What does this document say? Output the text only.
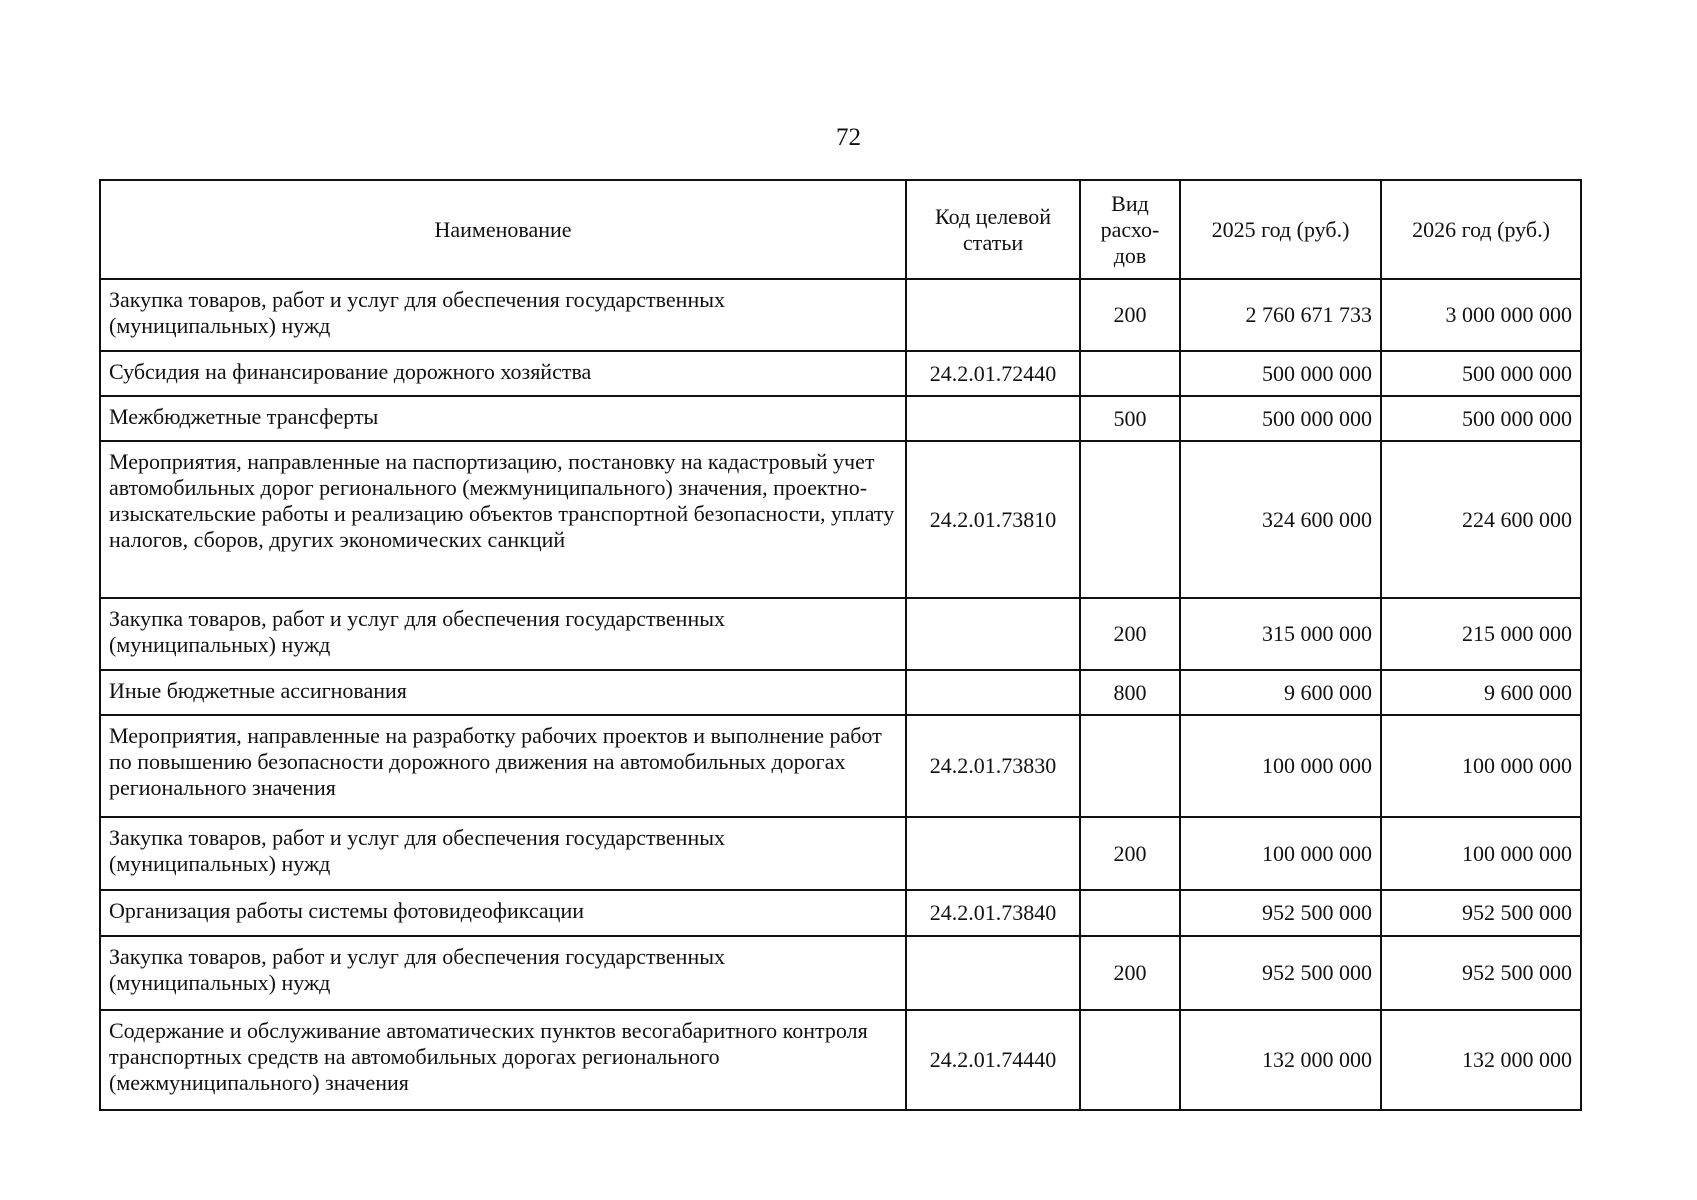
72
Наименование	Код целевой статьи	Вид расхо-дов	2025 год (руб.)	2026 год (руб.)
Закупка товаров, работ и услуг для обеспечения государственных (муниципальных) нужд		200	2 760 671 733	3 000 000 000
Субсидия на финансирование дорожного хозяйства	24.2.01.72440		500 000 000	500 000 000
Межбюджетные трансферты		500	500 000 000	500 000 000
Мероприятия, направленные на паспортизацию, постановку на кадастровый учет автомобильных дорог регионального (межмуниципального) значения, проектно-изыскательские работы и реализацию объектов транспортной безопасности, уплату налогов, сборов, других экономических санкций	24.2.01.73810		324 600 000	224 600 000
Закупка товаров, работ и услуг для обеспечения государственных (муниципальных) нужд		200	315 000 000	215 000 000
Иные бюджетные ассигнования		800	9 600 000	9 600 000
Мероприятия, направленные на разработку рабочих проектов и выполнение работ по повышению безопасности дорожного движения на автомобильных дорогах регионального значения	24.2.01.73830		100 000 000	100 000 000
Закупка товаров, работ и услуг для обеспечения государственных (муниципальных) нужд		200	100 000 000	100 000 000
Организация работы системы фотовидеофиксации	24.2.01.73840		952 500 000	952 500 000
Закупка товаров, работ и услуг для обеспечения государственных (муниципальных) нужд		200	952 500 000	952 500 000
Содержание и обслуживание автоматических пунктов весогабаритного контроля транспортных средств на автомобильных дорогах регионального (межмуниципального) значения	24.2.01.74440		132 000 000	132 000 000
